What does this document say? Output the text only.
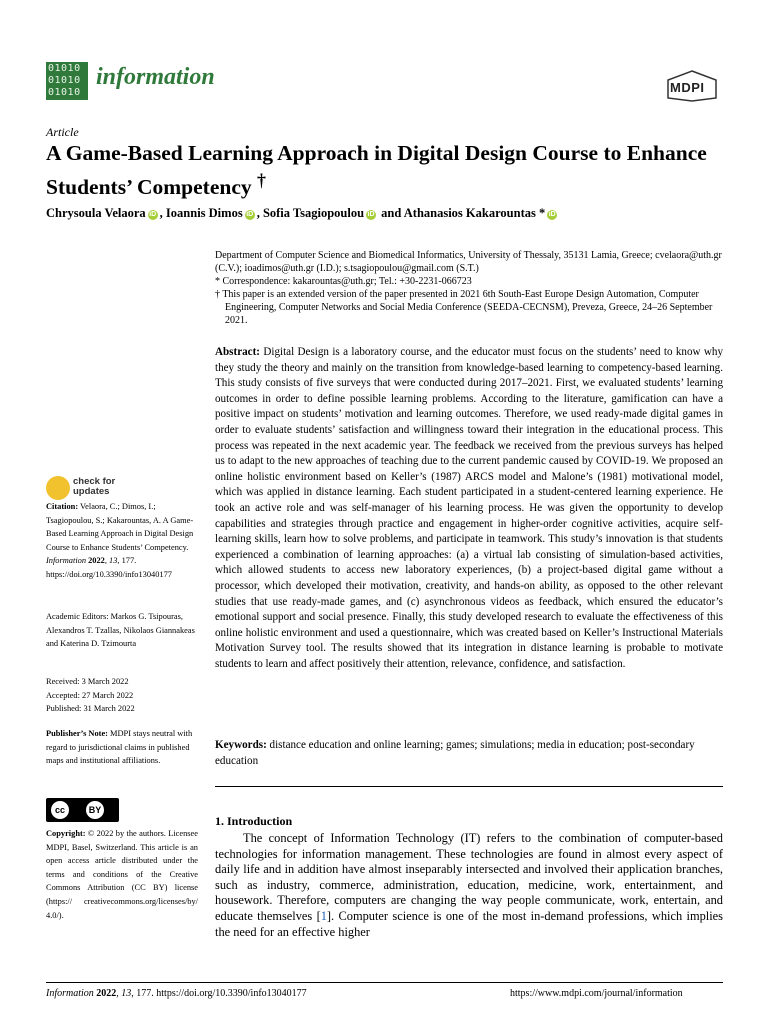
01010
01010
01010
information	MDPI
Article
A Game-Based Learning Approach in Digital Design Course to Enhance Students’ Competency †
Chrysoula Velaora iD , Ioannis Dimos iD , Sofia Tsagiopoulou iD and Athanasios Kakarountas * iD

Department of Computer Science and Biomedical Informatics, University of Thessaly, 35131 Lamia, Greece; cvelaora@uth.gr (C.V.); ioadimos@uth.gr (I.D.); s.tsagiopoulou@gmail.com (S.T.)

* Correspondence: kakarountas@uth.gr; Tel.: +30-2231-066723

† This paper is an extended version of the paper presented in 2021 6th South-East Europe Design Automation, Computer Engineering, Computer Networks and Social Media Conference (SEEDA-CECNSM), Preveza, Greece, 24–26 September 2021.

check for
updates
Citation: Velaora, C.; Dimos, I.; Tsagiopoulou, S.; Kakarountas, A. A Game-Based Learning Approach in Digital Design Course to Enhance Students’ Competency. Information 2022, 13, 177. https://doi.org/10.3390/info13040177
Academic Editors: Markos G. Tsipouras, Alexandros T. Tzallas, Nikolaos Giannakeas and Katerina D. Tzimourta
Received: 3 March 2022
Accepted: 27 March 2022
Published: 31 March 2022
Publisher’s Note: MDPI stays neutral with regard to jurisdictional claims in published maps and institutional affiliations.
cc	BY
Copyright: © 2022 by the authors. Licensee MDPI, Basel, Switzerland. This article is an open access article distributed under the terms and conditions of the Creative Commons Attribution (CC BY) license (https:// creativecommons.org/licenses/by/ 4.0/).
Abstract: Digital Design is a laboratory course, and the educator must focus on the students’ need to know why they study the theory and mainly on the transition from knowledge-based learning to competency-based learning. This study consists of five surveys that were conducted during 2017–2021. First, we evaluated students’ learning outcomes in order to define possible learning problems. According to the literature, gamification can have a positive impact on students’ motivation and learning outcomes. Therefore, we used ready-made digital games in order to evaluate students’ satisfaction and willingness toward their integration in the educational process. This process was repeated in the next academic year. The feedback we received from the previous surveys has helped us to adapt to the new approaches of teaching due to the current pandemic caused by COVID-19. We proposed an online holistic environment based on Keller’s (1987) ARCS model and Malone’s (1981) motivational model, which was applied in distance learning. Each student participated in a student-centered learning experience. He took an active role and was self-manager of his learning process. He was given the opportunity to develop capabilities and strategies through practice and engagement in higher-order cognitive activities, acquire self-learning skills, learn how to solve problems, and participate in teamwork. This study’s innovation is that students experienced a combination of learning approaches: (a) a virtual lab consisting of simulation-based activities, which allowed students to access new laboratory experiences, (b) a project-based digital game without a processor, which developed their motivation, creativity, and hands-on ability, as opposed to the other relevant studies that use ready-made games, and (c) asynchronous videos as feedback, which ensured the educator’s emotional support and social presence. Finally, this study developed research to evaluate the effectiveness of this online holistic environment and used a questionnaire, which was created based on Keller’s Instructional Materials Motivation Survey tool. The results showed that its integration in distance learning is probable to motivate students to learn and affect positively their attention, relevance, confidence, and satisfaction.
Keywords: distance education and online learning; games; simulations; media in education; post-secondary education
1. Introduction
The concept of Information Technology (IT) refers to the combination of computer-based technologies for information management. These technologies are found in almost every aspect of daily life and in addition have almost inseparably intersected and involved their application branches, such as industry, commerce, administration, education, medicine, work, entertainment, and housework. Therefore, computers are changing the way people communicate, work, entertain, and educate themselves [1]. Computer science is one of the most in-demand professions, which implies the need for an effective higher
Information 2022, 13, 177. https://doi.org/10.3390/info13040177	https://www.mdpi.com/journal/information
